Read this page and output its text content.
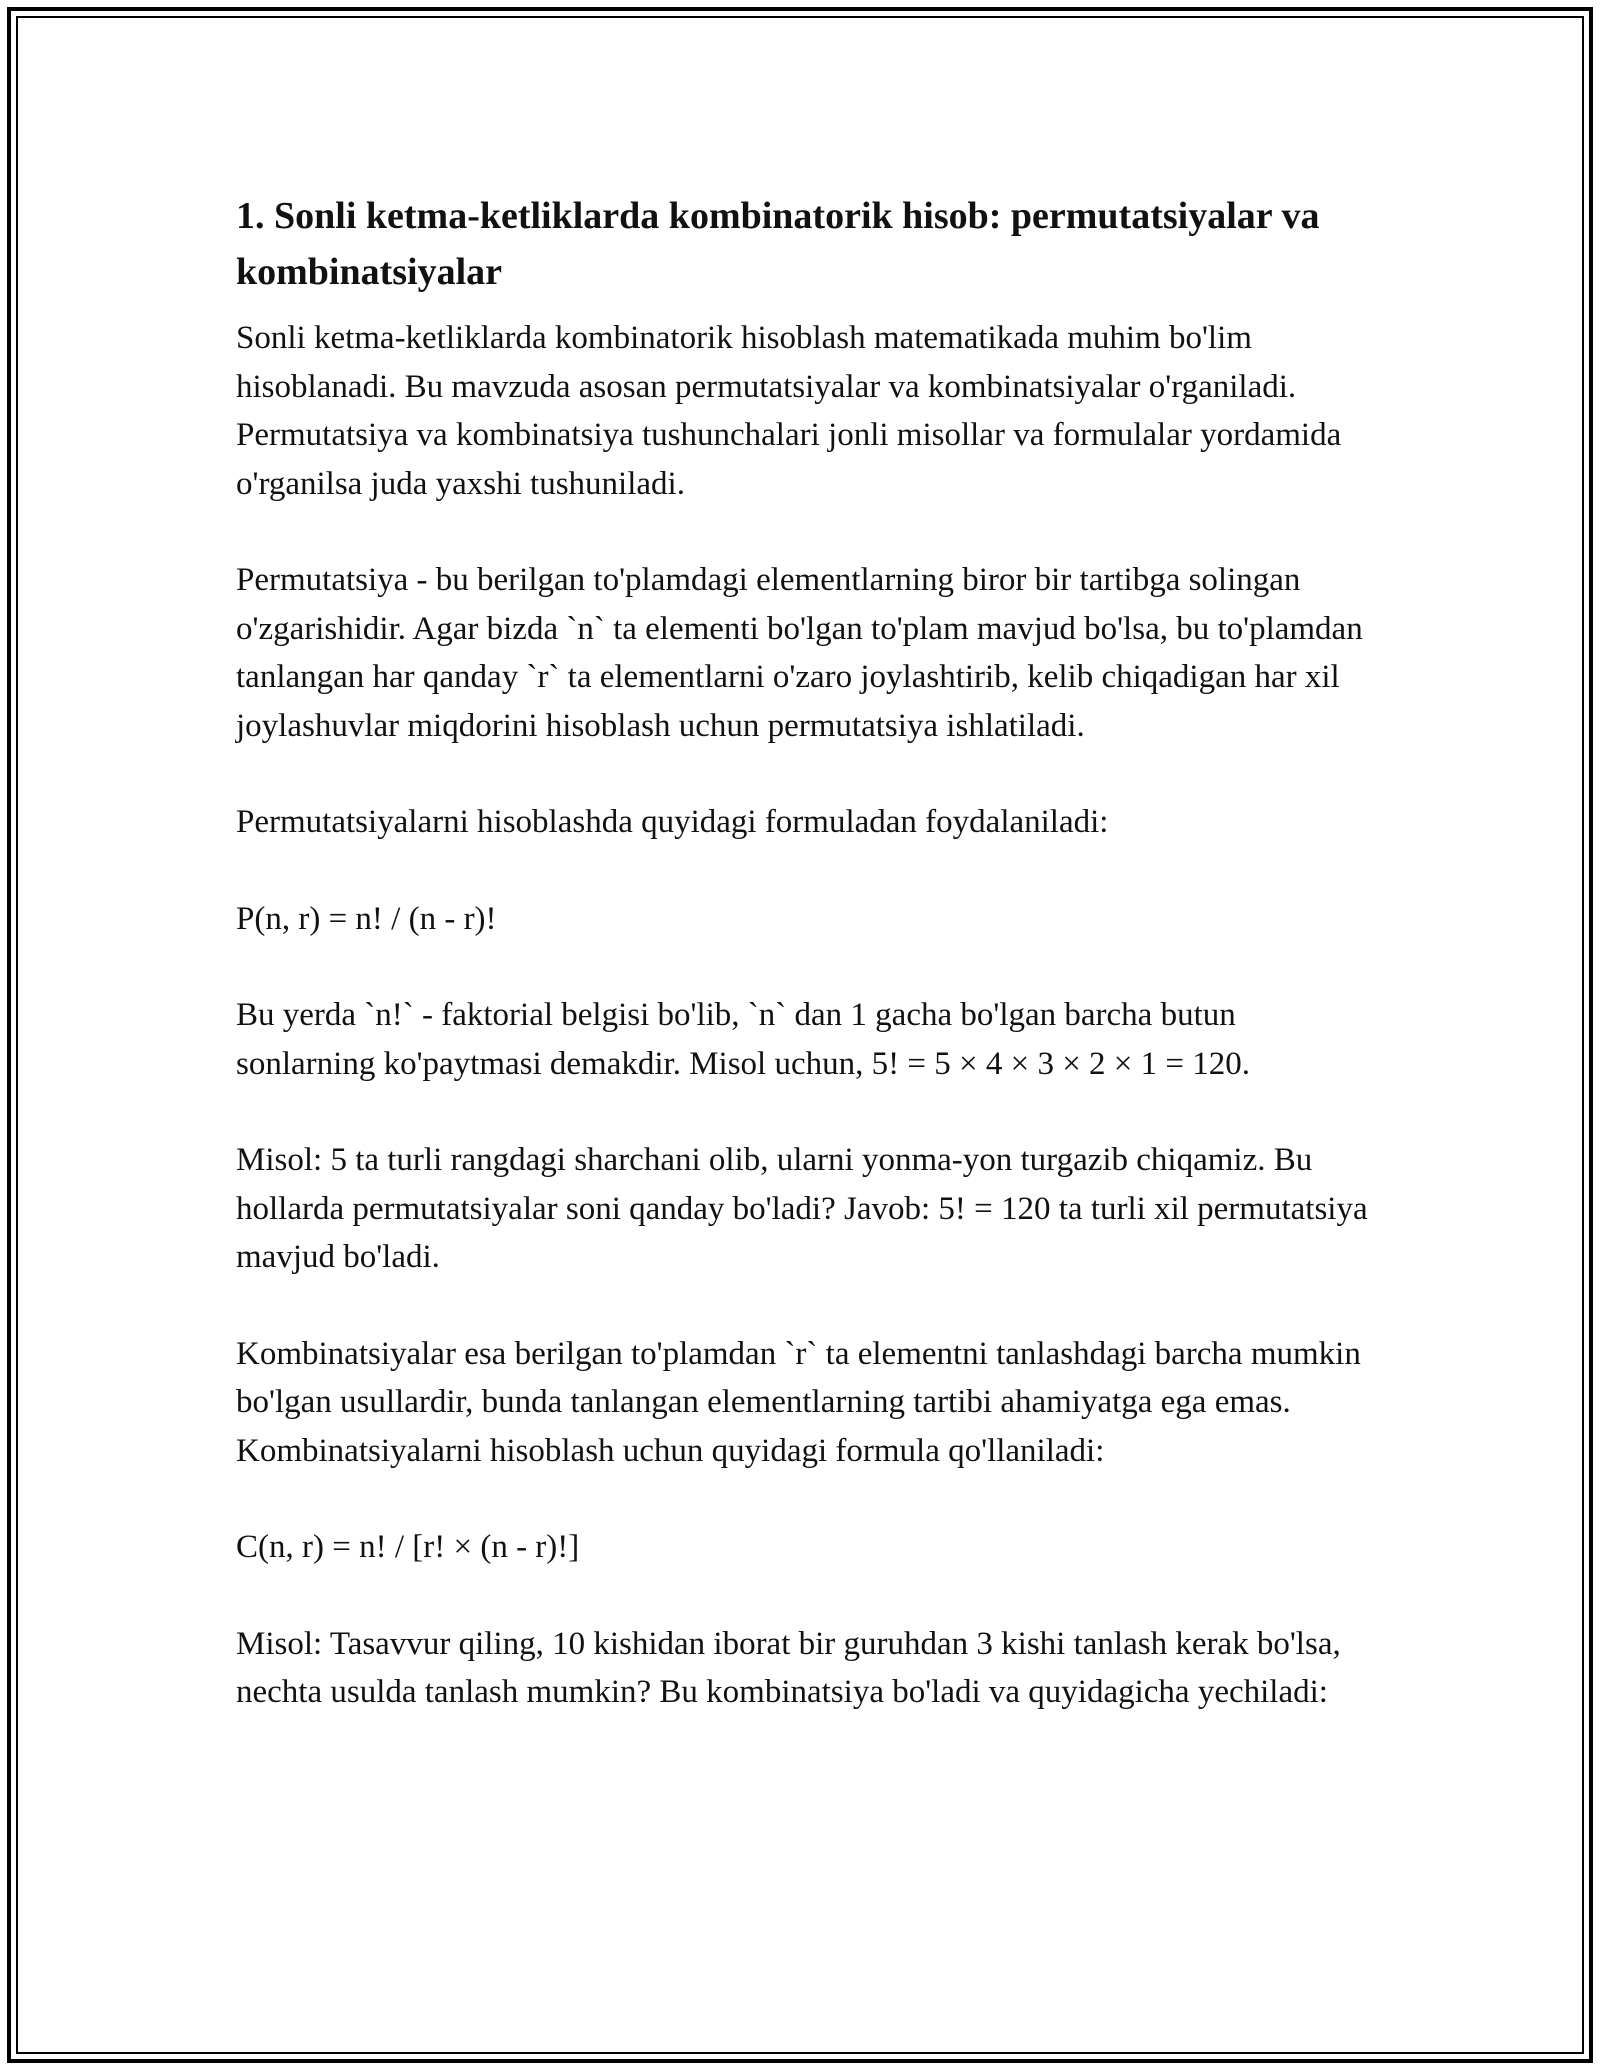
1. Sonli ketma-ketliklarda kombinatorik hisob: permutatsiyalar va kombinatsiyalar

Sonli ketma-ketliklarda kombinatorik hisoblash matematikada muhim bo'lim hisoblanadi. Bu mavzuda asosan permutatsiyalar va kombinatsiyalar o'rganiladi. Permutatsiya va kombinatsiya tushunchalari jonli misollar va formulalar yordamida o'rganilsa juda yaxshi tushuniladi.

Permutatsiya - bu berilgan to'plamdagi elementlarning biror bir tartibga solingan o'zgarishidir. Agar bizda `n` ta elementi bo'lgan to'plam mavjud bo'lsa, bu to'plamdan tanlangan har qanday `r` ta elementlarni o'zaro joylashtirib, kelib chiqadigan har xil joylashuvlar miqdorini hisoblash uchun permutatsiya ishlatiladi.

Permutatsiyalarni hisoblashda quyidagi formuladan foydalaniladi:

P(n, r) = n! / (n - r)!

Bu yerda `n!` - faktorial belgisi bo'lib, `n` dan 1 gacha bo'lgan barcha butun sonlarning ko'paytmasi demakdir. Misol uchun, 5! = 5 × 4 × 3 × 2 × 1 = 120.

Misol: 5 ta turli rangdagi sharchani olib, ularni yonma-yon turgazib chiqamiz. Bu hollarda permutatsiyalar soni qanday bo'ladi? Javob: 5! = 120 ta turli xil permutatsiya mavjud bo'ladi.

Kombinatsiyalar esa berilgan to'plamdan `r` ta elementni tanlashdagi barcha mumkin bo'lgan usullardir, bunda tanlangan elementlarning tartibi ahamiyatga ega emas. Kombinatsiyalarni hisoblash uchun quyidagi formula qo'llaniladi:

C(n, r) = n! / [r! × (n - r)!]

Misol: Tasavvur qiling, 10 kishidan iborat bir guruhdan 3 kishi tanlash kerak bo'lsa, nechta usulda tanlash mumkin? Bu kombinatsiya bo'ladi va quyidagicha yechiladi:
